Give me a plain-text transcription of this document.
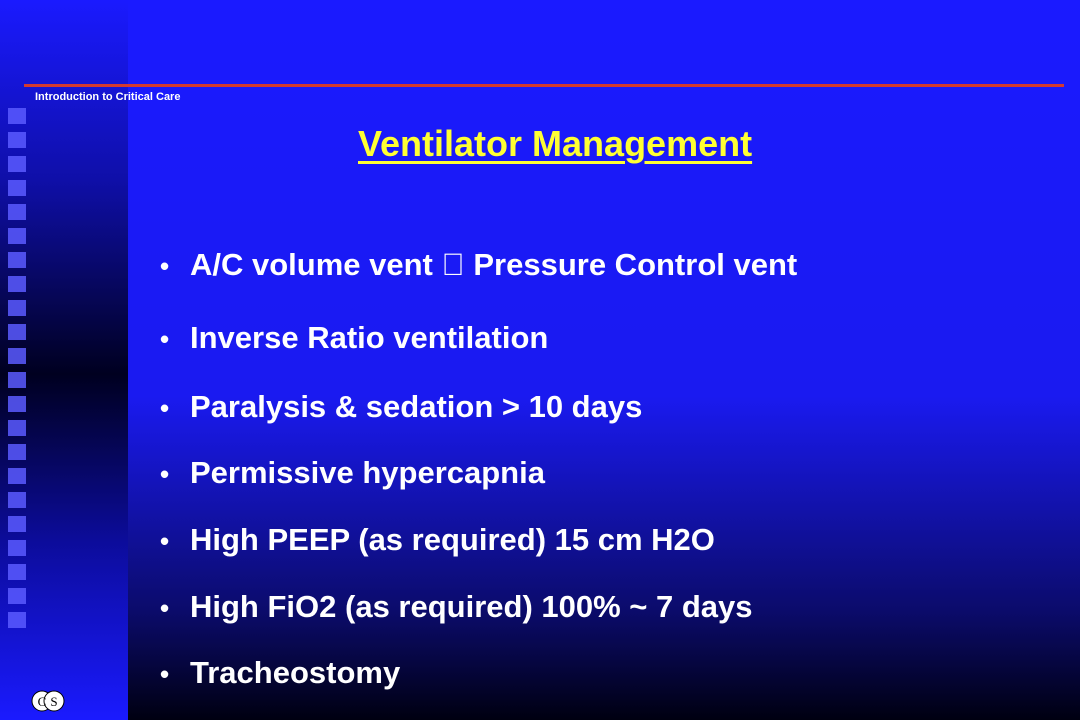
Introduction to Critical Care
Ventilator Management
• A/C volume vent Pressure Control vent
• Inverse Ratio ventilation
• Paralysis & sedation > 10 days
• Permissive hypercapnia
• High PEEP (as required) 15 cm H2O
• High FiO2 (as required) 100% ~ 7 days
• Tracheostomy
C S
